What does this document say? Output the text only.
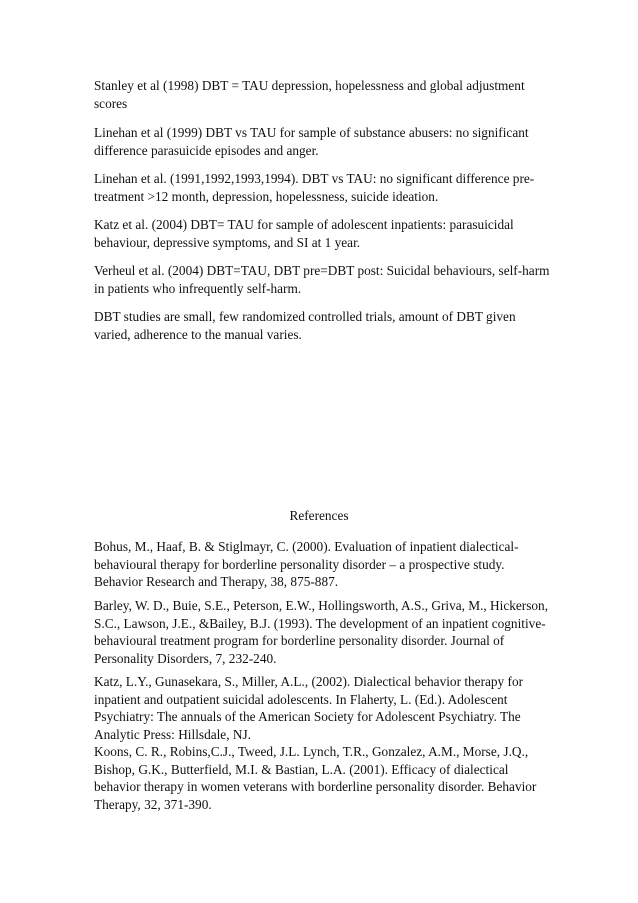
Stanley et al (1998) DBT = TAU depression, hopelessness and global adjustment
scores

Linehan et al (1999) DBT vs TAU for sample of substance abusers: no significant
difference parasuicide episodes and anger.

Linehan et al. (1991,1992,1993,1994). DBT vs TAU: no significant difference pre-
treatment >12 month, depression, hopelessness, suicide ideation.

Katz et al. (2004) DBT= TAU for sample of adolescent inpatients: parasuicidal
behaviour, depressive symptoms, and SI at 1 year.

Verheul et al. (2004) DBT=TAU, DBT pre=DBT post: Suicidal behaviours, self-harm
in patients who infrequently self-harm.

DBT studies are small, few randomized controlled trials, amount of DBT given
varied, adherence to the manual varies.

References

Bohus, M., Haaf, B. & Stiglmayr, C. (2000). Evaluation of inpatient dialectical-
behavioural therapy for borderline personality disorder – a prospective study.
Behavior Research and Therapy, 38, 875-887.

Barley, W. D., Buie, S.E., Peterson, E.W., Hollingsworth, A.S., Griva, M., Hickerson,
S.C., Lawson, J.E., &Bailey, B.J. (1993). The development of an inpatient cognitive-
behavioural treatment program for borderline personality disorder. Journal of
Personality Disorders, 7, 232-240.

Katz, L.Y., Gunasekara, S., Miller, A.L., (2002). Dialectical behavior therapy for
inpatient and outpatient suicidal adolescents. In Flaherty, L. (Ed.). Adolescent
Psychiatry: The annuals of the American Society for Adolescent Psychiatry. The
Analytic Press: Hillsdale, NJ.

Koons, C. R., Robins,C.J., Tweed, J.L. Lynch, T.R., Gonzalez, A.M., Morse, J.Q.,
Bishop, G.K., Butterfield, M.I. & Bastian, L.A. (2001). Efficacy of dialectical
behavior therapy in women veterans with borderline personality disorder. Behavior
Therapy, 32, 371-390.
